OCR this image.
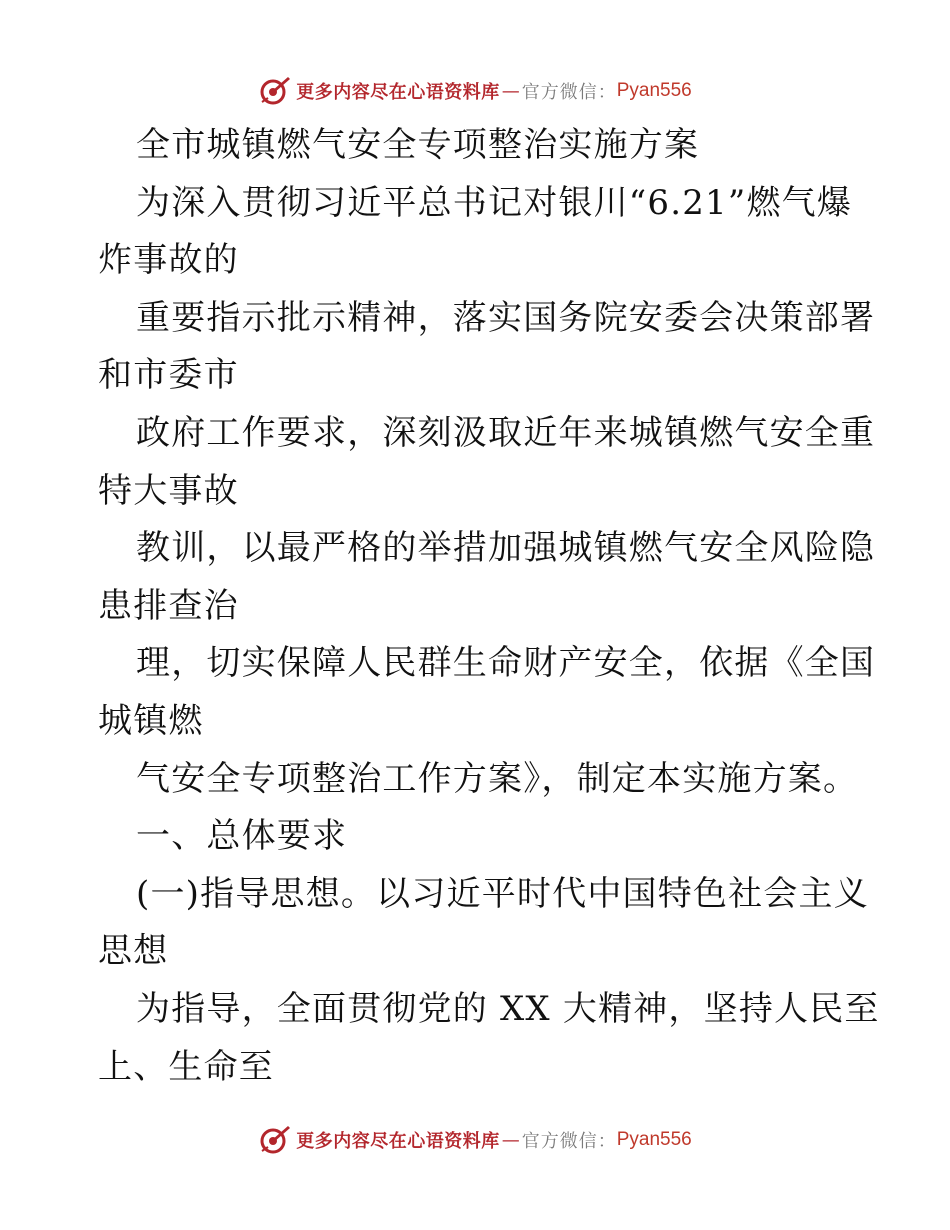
更多内容尽在心语资料库 — 官方微信： Pyan556
全市城镇燃气安全专项整治实施方案
为深入贯彻习近平总书记对银川“6.21”燃气爆
炸事故的
重要指示批示精神，落实国务院安委会决策部署
和市委市
政府工作要求，深刻汲取近年来城镇燃气安全重
特大事故
教训，以最严格的举措加强城镇燃气安全风险隐
患排查治
理，切实保障人民群生命财产安全，依据《全国
城镇燃
气安全专项整治工作方案》，制定本实施方案。
一、总体要求
(一)指导思想。以习近平时代中国特色社会主义
思想
为指导，全面贯彻党的 XX 大精神，坚持人民至
上、生命至
更多内容尽在心语资料库 — 官方微信： Pyan556
